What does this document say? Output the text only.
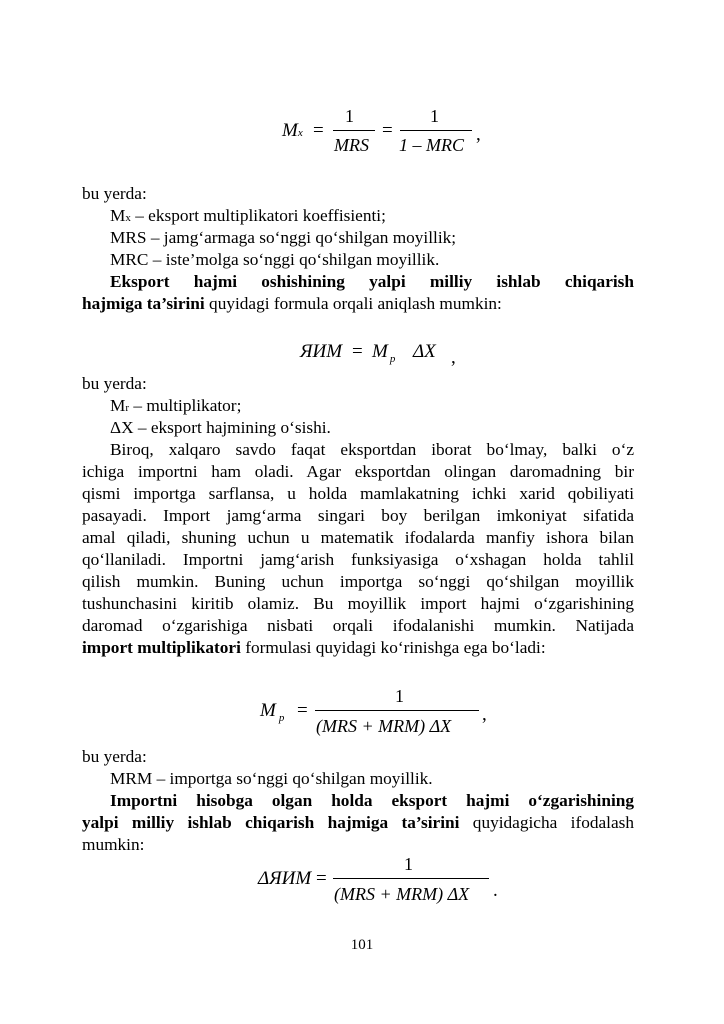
Mx =
1
MRS
=
1
1 – MRC ,
bu yerda:
Mx – eksport multiplikatori koeffisienti;
MRS – jamg‘armaga so‘nggi qo‘shilgan moyillik;
MRC – iste’molga so‘nggi qo‘shilgan moyillik.
Eksport hajmi oshishining yalpi milliy ishlab chiqarish
hajmiga ta’sirini quyidagi formula orqali aniqlash mumkin:
ЯИМ = M $_p$ ΔX ,
bu yerda:
Mr – multiplikator;
ΔX – eksport hajmining o‘sishi.
Biroq, xalqaro savdo faqat eksportdan iborat bo‘lmay, balki o‘z
ichiga importni ham oladi. Agar eksportdan olingan daromadning bir
qismi importga sarflansa, u holda mamlakatning ichki xarid qobiliyati
pasayadi. Import jamg‘arma singari boy berilgan imkoniyat sifatida
amal qiladi, shuning uchun u matematik ifodalarda manfiy ishora bilan
qo‘llaniladi. Importni jamg‘arish funksiyasiga o‘xshagan holda tahlil
qilish mumkin. Buning uchun importga so‘nggi qo‘shilgan moyillik
tushunchasini kiritib olamiz. Bu moyillik import hajmi o‘zgarishining
daromad o‘zgarishiga nisbati orqali ifodalanishi mumkin. Natijada
import multiplikatori formulasi quyidagi ko‘rinishga ega bo‘ladi:
M $_p$ =
1
(MRS + MRM) ΔX
,
bu yerda:
MRM – importga so‘nggi qo‘shilgan moyillik.
Importni hisobga olgan holda eksport hajmi o‘zgarishining
yalpi milliy ishlab chiqarish hajmiga ta’sirini quyidagicha ifodalash
mumkin:
ΔЯИМ =
1
(MRS + MRM) ΔX .
101
